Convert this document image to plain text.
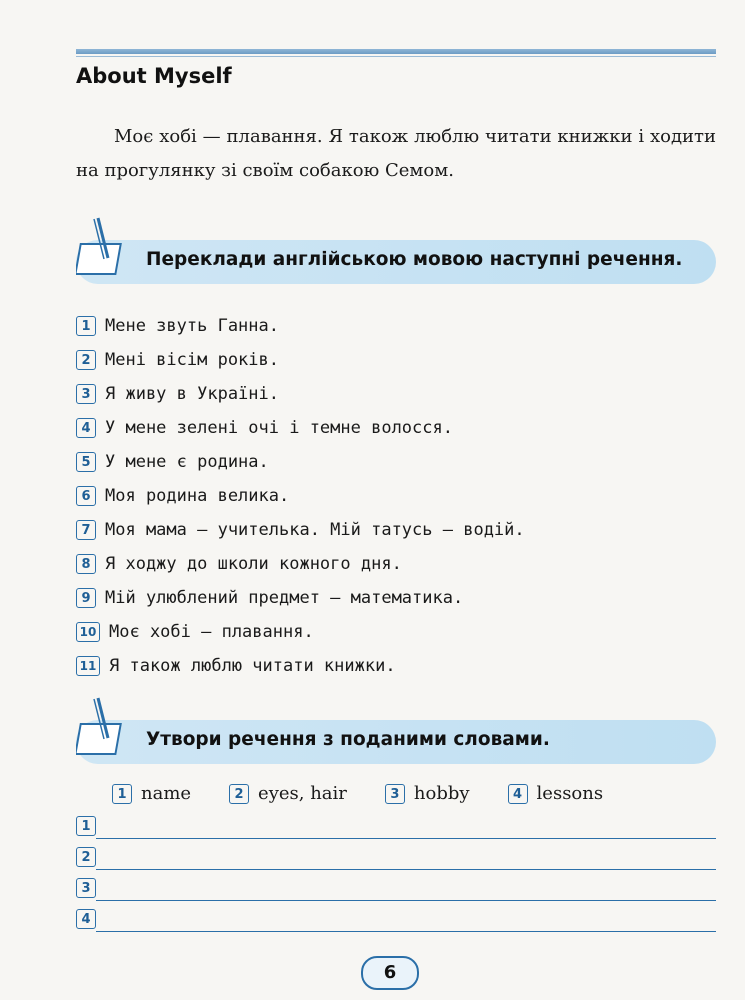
About Myself
Моє хобі — плавання. Я також люблю читати книжки і ходити на прогулянку зі своїм собакою Семом.
Переклади англійською мовою наступні речення.
1 Мене звуть Ганна.
2 Мені вісім років.
3 Я живу в Україні.
4 У мене зелені очі і темне волосся.
5 У мене є родина.
6 Моя родина велика.
7 Моя мама — учителька. Мій татусь — водій.
8 Я ходжу до школи кожного дня.
9 Мій улюблений предмет — математика.
10 Моє хобі — плавання.
11 Я також люблю читати книжки.
Утвори речення з поданими словами.
1 name	2 eyes, hair	3 hobby	4 lessons
1
2
3
4
6
